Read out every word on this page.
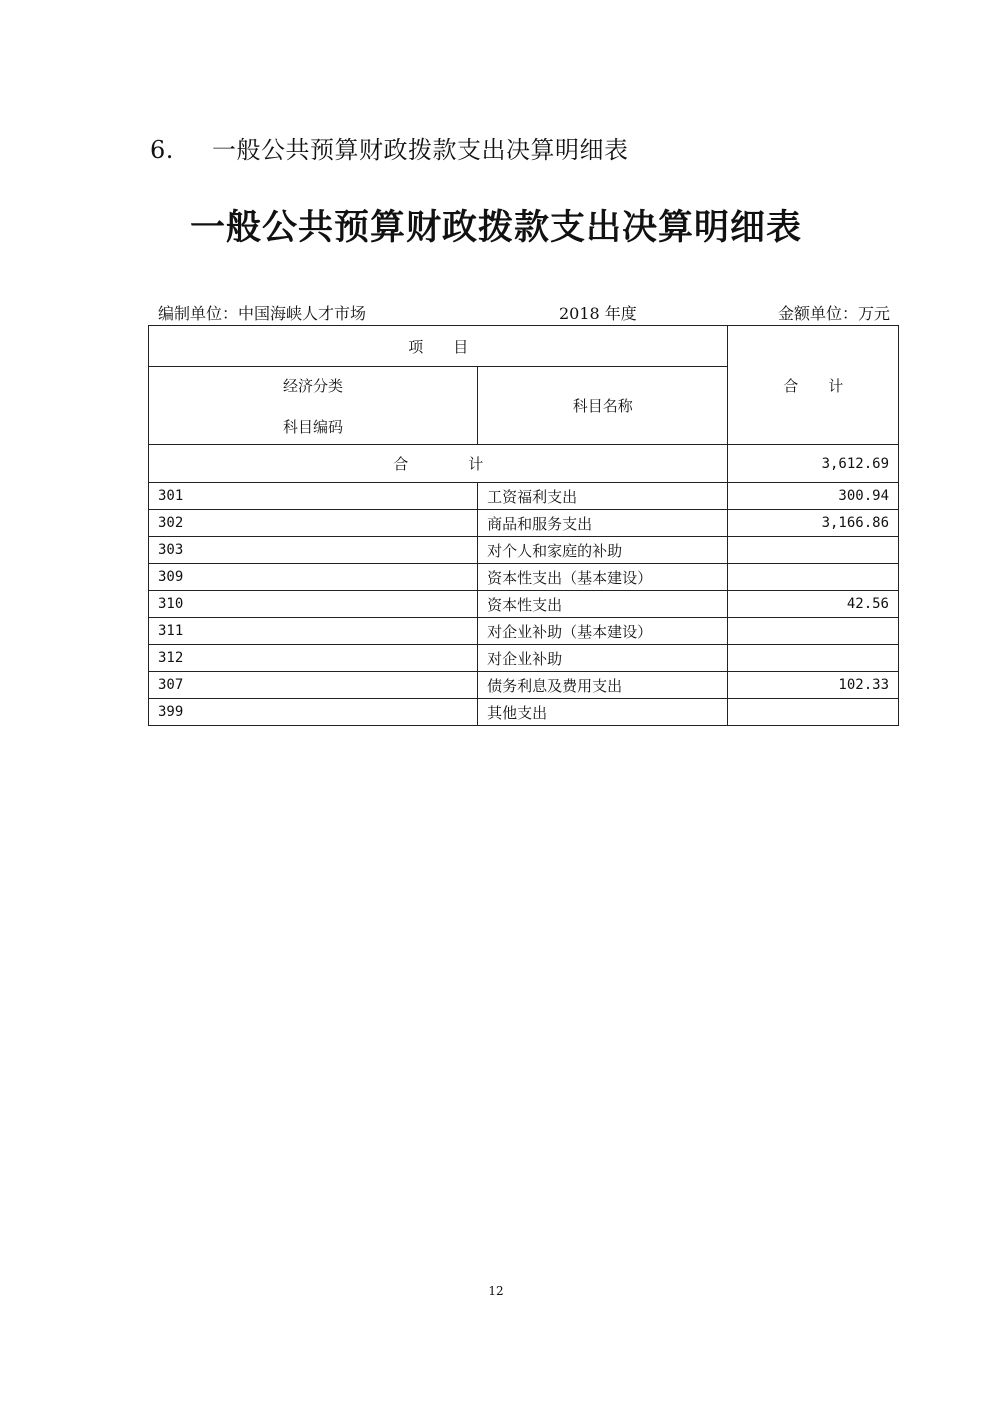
6. 一般公共预算财政拨款支出决算明细表
一般公共预算财政拨款支出决算明细表
编制单位：中国海峡人才市场	2018 年度	金额单位：万元
项　　目		合　　计

经济分类
科目编码	科目名称	
合　　　　计		3,612.69
301	工资福利支出	300.94
302	商品和服务支出	3,166.86
303	对个人和家庭的补助	
309	资本性支出（基本建设）	
310	资本性支出	42.56
311	对企业补助（基本建设）	
312	对企业补助	
307	债务利息及费用支出	102.33
399	其他支出	
12
